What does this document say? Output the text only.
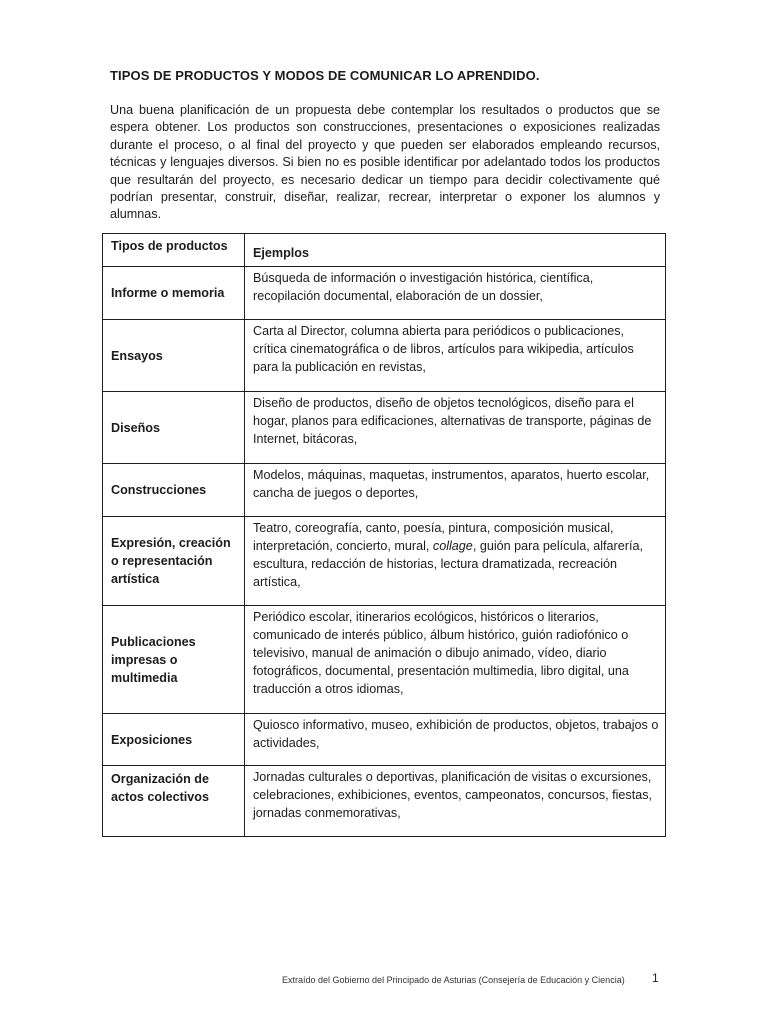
TIPOS DE PRODUCTOS Y MODOS DE COMUNICAR LO APRENDIDO.
Una buena planificación de un propuesta debe contemplar los resultados o productos que se espera obtener. Los productos son construcciones, presentaciones o exposiciones realizadas durante el proceso, o al final del proyecto y que pueden ser elaborados empleando recursos, técnicas y lenguajes diversos. Si bien no es posible identificar por adelantado todos los productos que resultarán del proyecto, es necesario dedicar un tiempo para decidir colectivamente qué podrían presentar, construir, diseñar, realizar, recrear, interpretar o exponer los alumnos y alumnas.
Tipos de productos	Ejemplos
Informe o memoria	Búsqueda de información o investigación histórica, científica, recopilación documental, elaboración de un dossier,
Ensayos	Carta al Director, columna abierta para periódicos o publicaciones, crítica cinematográfica o de libros, artículos para wikipedia, artículos para la publicación en revistas,
Diseños	Diseño de productos, diseño de objetos tecnológicos, diseño para el hogar, planos para edificaciones, alternativas de transporte, páginas de Internet, bitácoras,
Construcciones	Modelos, máquinas, maquetas, instrumentos, aparatos, huerto escolar, cancha de juegos o deportes,
Expresión, creación o representación artística	Teatro, coreografía, canto, poesía, pintura, composición musical, interpretación, concierto, mural, collage, guión para película, alfarería, escultura, redacción de historias, lectura dramatizada, recreación artística,
Publicaciones impresas o multimedia	Periódico escolar, itinerarios ecológicos, históricos o literarios, comunicado de interés público, álbum histórico, guión radiofónico o televisivo, manual de animación o dibujo animado, vídeo, diario fotográficos, documental, presentación multimedia, libro digital, una traducción a otros idiomas,
Exposiciones	Quiosco informativo, museo, exhibición de productos, objetos, trabajos o actividades,
Organización de actos colectivos	Jornadas culturales o deportivas, planificación de visitas o excursiones, celebraciones, exhibiciones, eventos, campeonatos, concursos, fiestas, jornadas conmemorativas,
Extraído del Gobierno del Principado de Asturias (Consejería de Educación y Ciencia) 1
